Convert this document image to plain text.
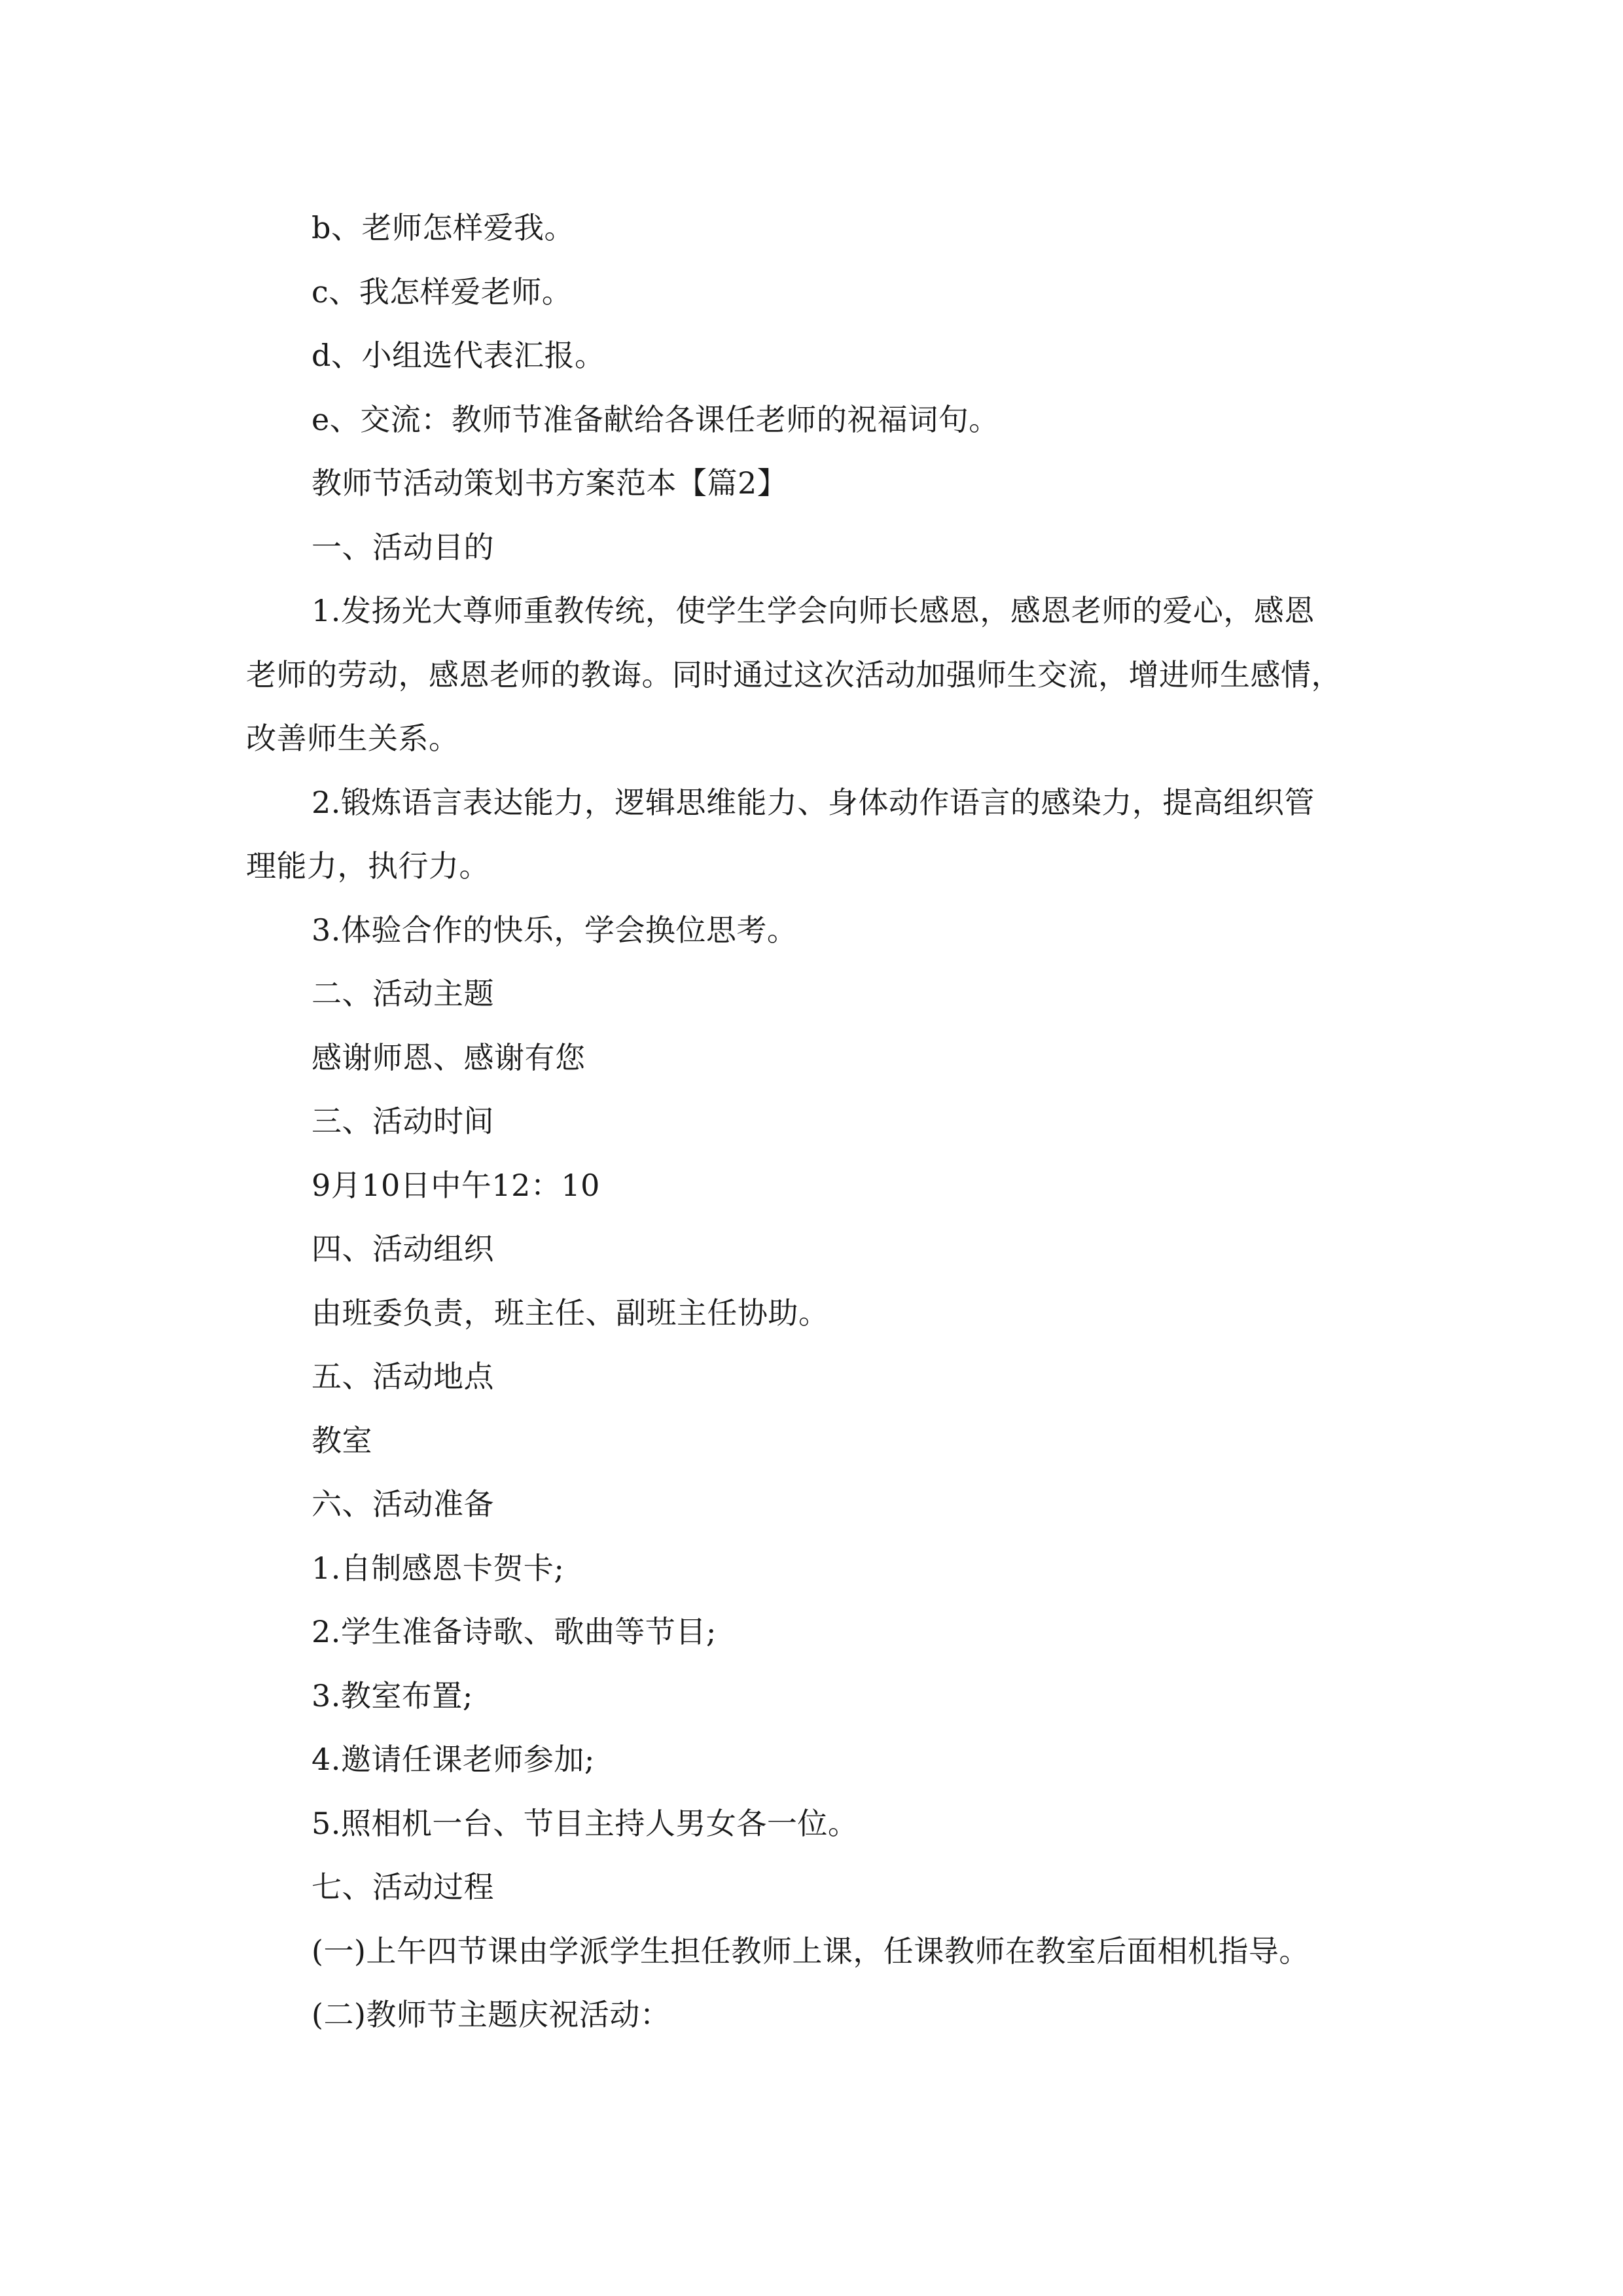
b、老师怎样爱我。
c、我怎样爱老师。
d、小组选代表汇报。
e、交流：教师节准备献给各课任老师的祝福词句。
教师节活动策划书方案范本【篇2】
一、活动目的
1.发扬光大尊师重教传统，使学生学会向师长感恩，感恩老师的爱心，感恩
老师的劳动，感恩老师的教诲。同时通过这次活动加强师生交流，增进师生感情，
改善师生关系。
2.锻炼语言表达能力，逻辑思维能力、身体动作语言的感染力，提高组织管
理能力，执行力。
3.体验合作的快乐，学会换位思考。
二、活动主题
感谢师恩、感谢有您
三、活动时间
9月10日中午12：10
四、活动组织
由班委负责，班主任、副班主任协助。
五、活动地点
教室
六、活动准备
1.自制感恩卡贺卡;
2.学生准备诗歌、歌曲等节目;
3.教室布置;
4.邀请任课老师参加;
5.照相机一台、节目主持人男女各一位。
七、活动过程
(一)上午四节课由学派学生担任教师上课，任课教师在教室后面相机指导。
(二)教师节主题庆祝活动：
